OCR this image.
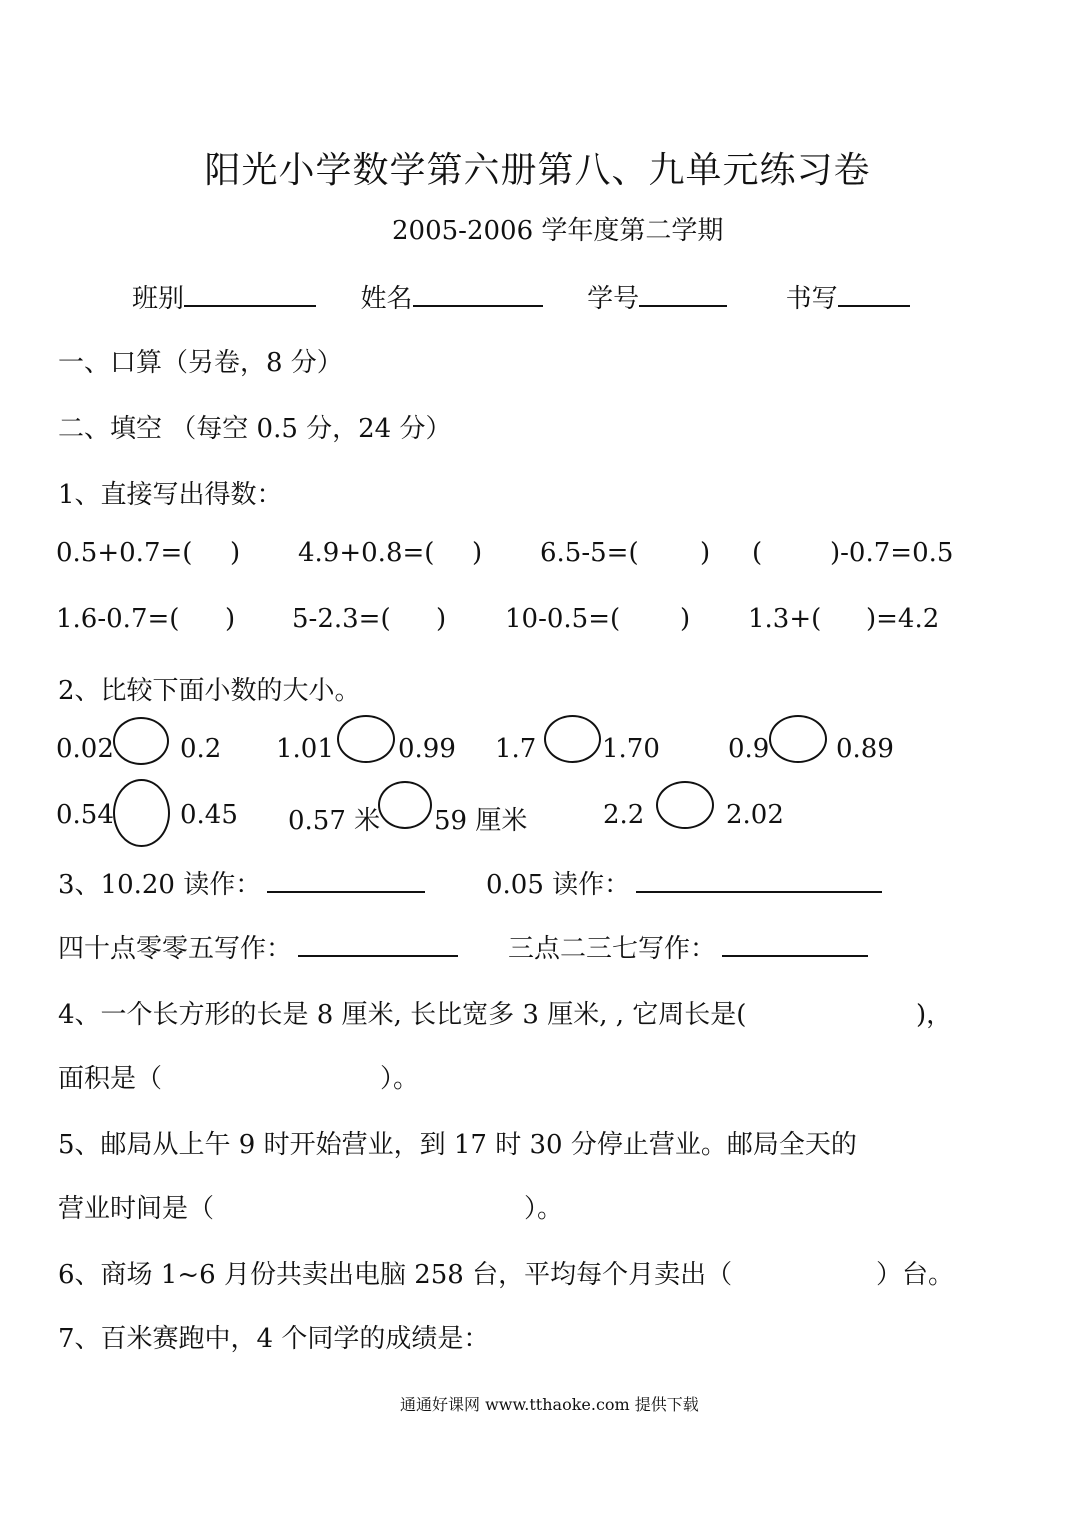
阳光小学数学第六册第八、九单元练习卷
2005-2006 学年度第二学期
班别	姓名	学号	书写
一、口算（另卷，8 分）
二、填空 （每空 0.5 分，24 分）
1、直接写出得数：
0.5+0.7=( ) 4.9+0.8=( ) 6.5-5=( ) (	)-0.7=0.5
1.6-0.7=( ) 5-2.3=( ) 10-0.5=( ) 1.3+( )=4.2
2、比较下面小数的大小。
0.02	0.2 1.01 0.99 1.7	1.70	0.9	0.89
0.54	0.45 0.57 米 59 厘米	2.2	2.02
3、10.20 读作：	0.05 读作：
四十点零零五写作：	三点二三七写作：
4、一个长方形的长是 8 厘米, 长比宽多 3 厘米, , 它周长是(	)，
面积是（	）。
5、邮局从上午 9 时开始营业，到 17 时 30 分停止营业。邮局全天的
营业时间是（	）。
6、商场 1~6 月份共卖出电脑 258 台，平均每个月卖出（	）台。
7、百米赛跑中，4 个同学的成绩是：
通通好课网 www.tthaoke.com 提供下载
